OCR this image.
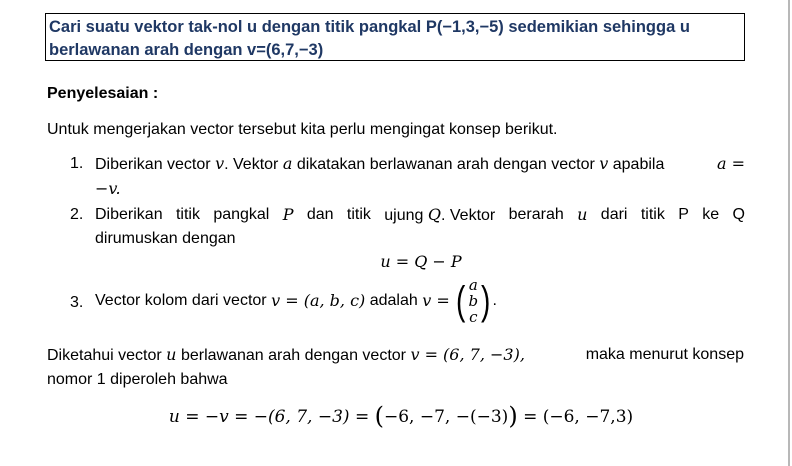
Cari suatu vektor tak-nol u dengan titik pangkal P(−1,3,−5) sedemikian sehingga u
berlawanan arah dengan v=(6,7,−3)
Penyelesaian :
Untuk mengerjakan vector tersebut kita perlu mengingat konsep berikut.
1. Diberikan vector v. Vektor a dikatakan berlawanan arah dengan vector v apabila	a =
−v.
2. Diberikan titik pangkal P dan titik ujung Q. Vektor berarah u dari titik P ke Q
dirumuskan dengan
u = Q − P
3. Vector kolom dari vector
v = (a, b, c)
adalah
v =
( a
b
c ) .
Diketahui vector u berlawanan arah dengan vector v = (6, 7, −3),	maka menurut konsep
nomor 1 diperoleh bahwa
u = −v = −(6, 7, −3) = (−6, −7, −(−3)) = (−6, −7,3)
